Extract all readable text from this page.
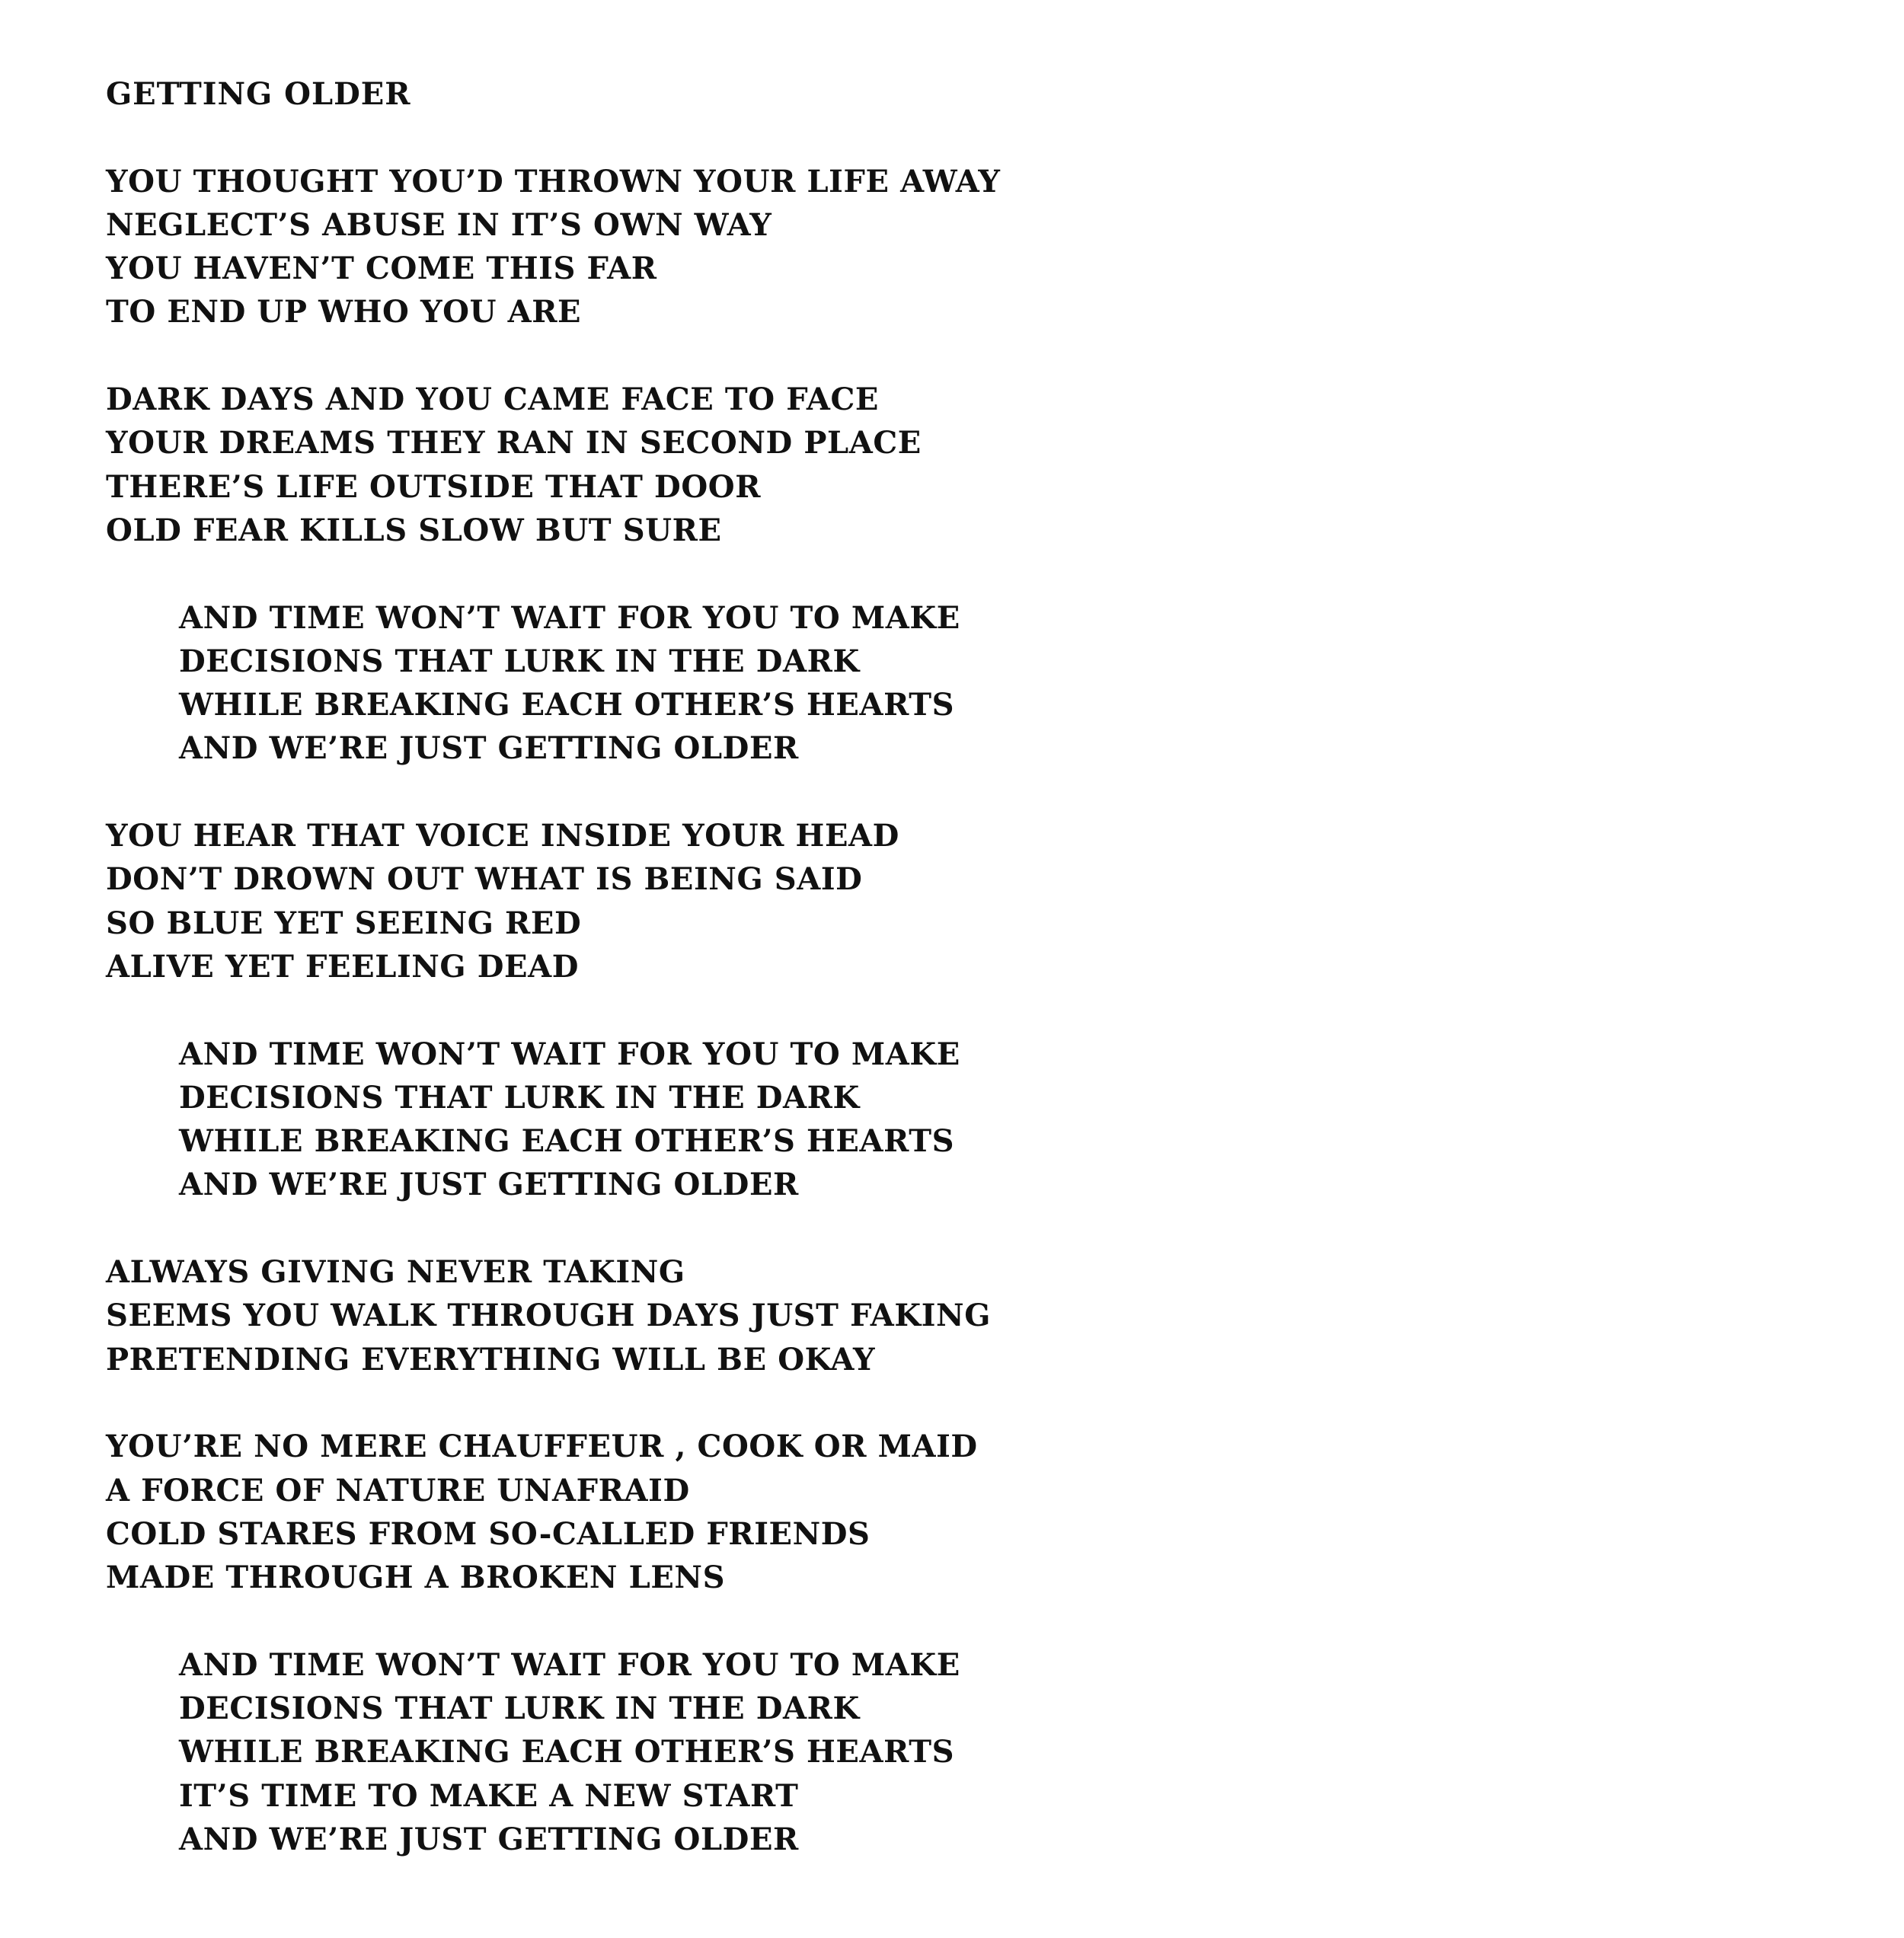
GETTING OLDER
YOU THOUGHT YOU’D THROWN YOUR LIFE AWAY
NEGLECT’S ABUSE IN IT’S OWN WAY
YOU HAVEN’T COME THIS FAR
TO END UP WHO YOU ARE
DARK DAYS AND YOU CAME FACE TO FACE
YOUR DREAMS THEY RAN IN SECOND PLACE
THERE’S LIFE OUTSIDE THAT DOOR
OLD FEAR KILLS SLOW BUT SURE
AND TIME WON’T WAIT FOR YOU TO MAKE
DECISIONS THAT LURK IN THE DARK
WHILE BREAKING EACH OTHER’S HEARTS
AND WE’RE JUST GETTING OLDER
YOU HEAR THAT VOICE INSIDE YOUR HEAD
DON’T DROWN OUT WHAT IS BEING SAID
SO BLUE YET SEEING RED
ALIVE YET FEELING DEAD
AND TIME WON’T WAIT FOR YOU TO MAKE
DECISIONS THAT LURK IN THE DARK
WHILE BREAKING EACH OTHER’S HEARTS
AND WE’RE JUST GETTING OLDER
ALWAYS GIVING NEVER TAKING
SEEMS YOU WALK THROUGH DAYS JUST FAKING
PRETENDING EVERYTHING WILL BE OKAY
YOU’RE NO MERE CHAUFFEUR , COOK OR MAID
A FORCE OF NATURE UNAFRAID
COLD STARES FROM SO-CALLED FRIENDS
MADE THROUGH A BROKEN LENS
AND TIME WON’T WAIT FOR YOU TO MAKE
DECISIONS THAT LURK IN THE DARK
WHILE BREAKING EACH OTHER’S HEARTS
IT’S TIME TO MAKE A NEW START
AND WE’RE JUST GETTING OLDER
